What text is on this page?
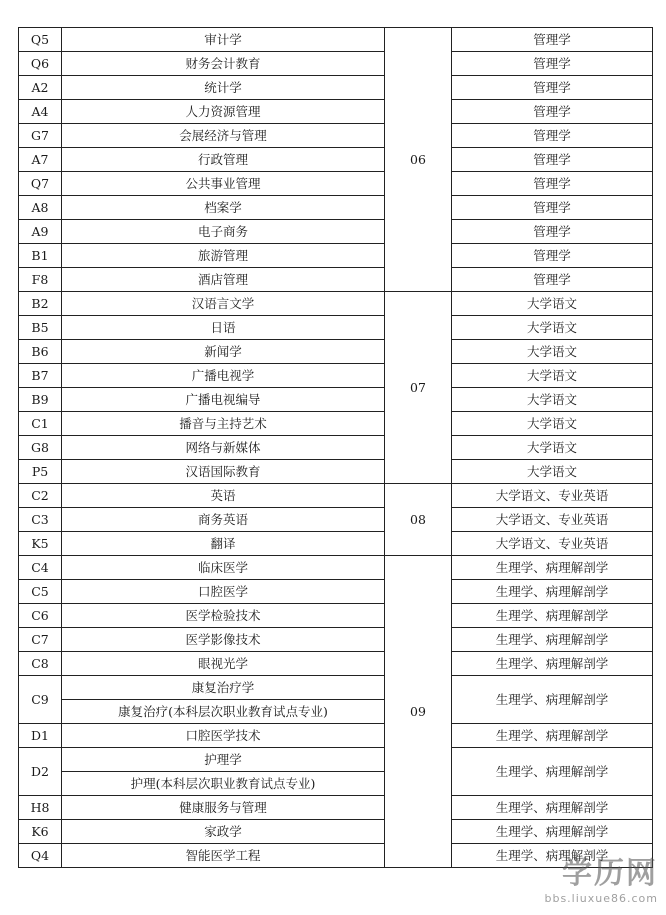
Q5	审计学	06	管理学
Q6	财务会计教育		管理学
A2	统计学		管理学
A4	人力资源管理		管理学
G7	会展经济与管理		管理学
A7	行政管理		管理学
Q7	公共事业管理		管理学
A8	档案学		管理学
A9	电子商务		管理学
B1	旅游管理		管理学
F8	酒店管理		管理学
B2	汉语言文学	07	大学语文
B5	日语		大学语文
B6	新闻学		大学语文
B7	广播电视学		大学语文
B9	广播电视编导		大学语文
C1	播音与主持艺术		大学语文
G8	网络与新媒体		大学语文
P5	汉语国际教育		大学语文
C2	英语	08	大学语文、专业英语
C3	商务英语		大学语文、专业英语
K5	翻译		大学语文、专业英语
C4	临床医学	09	生理学、病理解剖学
C5	口腔医学		生理学、病理解剖学
C6	医学检验技术		生理学、病理解剖学
C7	医学影像技术		生理学、病理解剖学
C8	眼视光学		生理学、病理解剖学
C9	康复治疗学		生理学、病理解剖学
	康复治疗(本科层次职业教育试点专业)		
D1	口腔医学技术		生理学、病理解剖学
D2	护理学		生理学、病理解剖学
	护理(本科层次职业教育试点专业)		
H8	健康服务与管理		生理学、病理解剖学
K6	家政学		生理学、病理解剖学
Q4	智能医学工程		生理学、病理解剖学
学历网
bbs.liuxue86.com
